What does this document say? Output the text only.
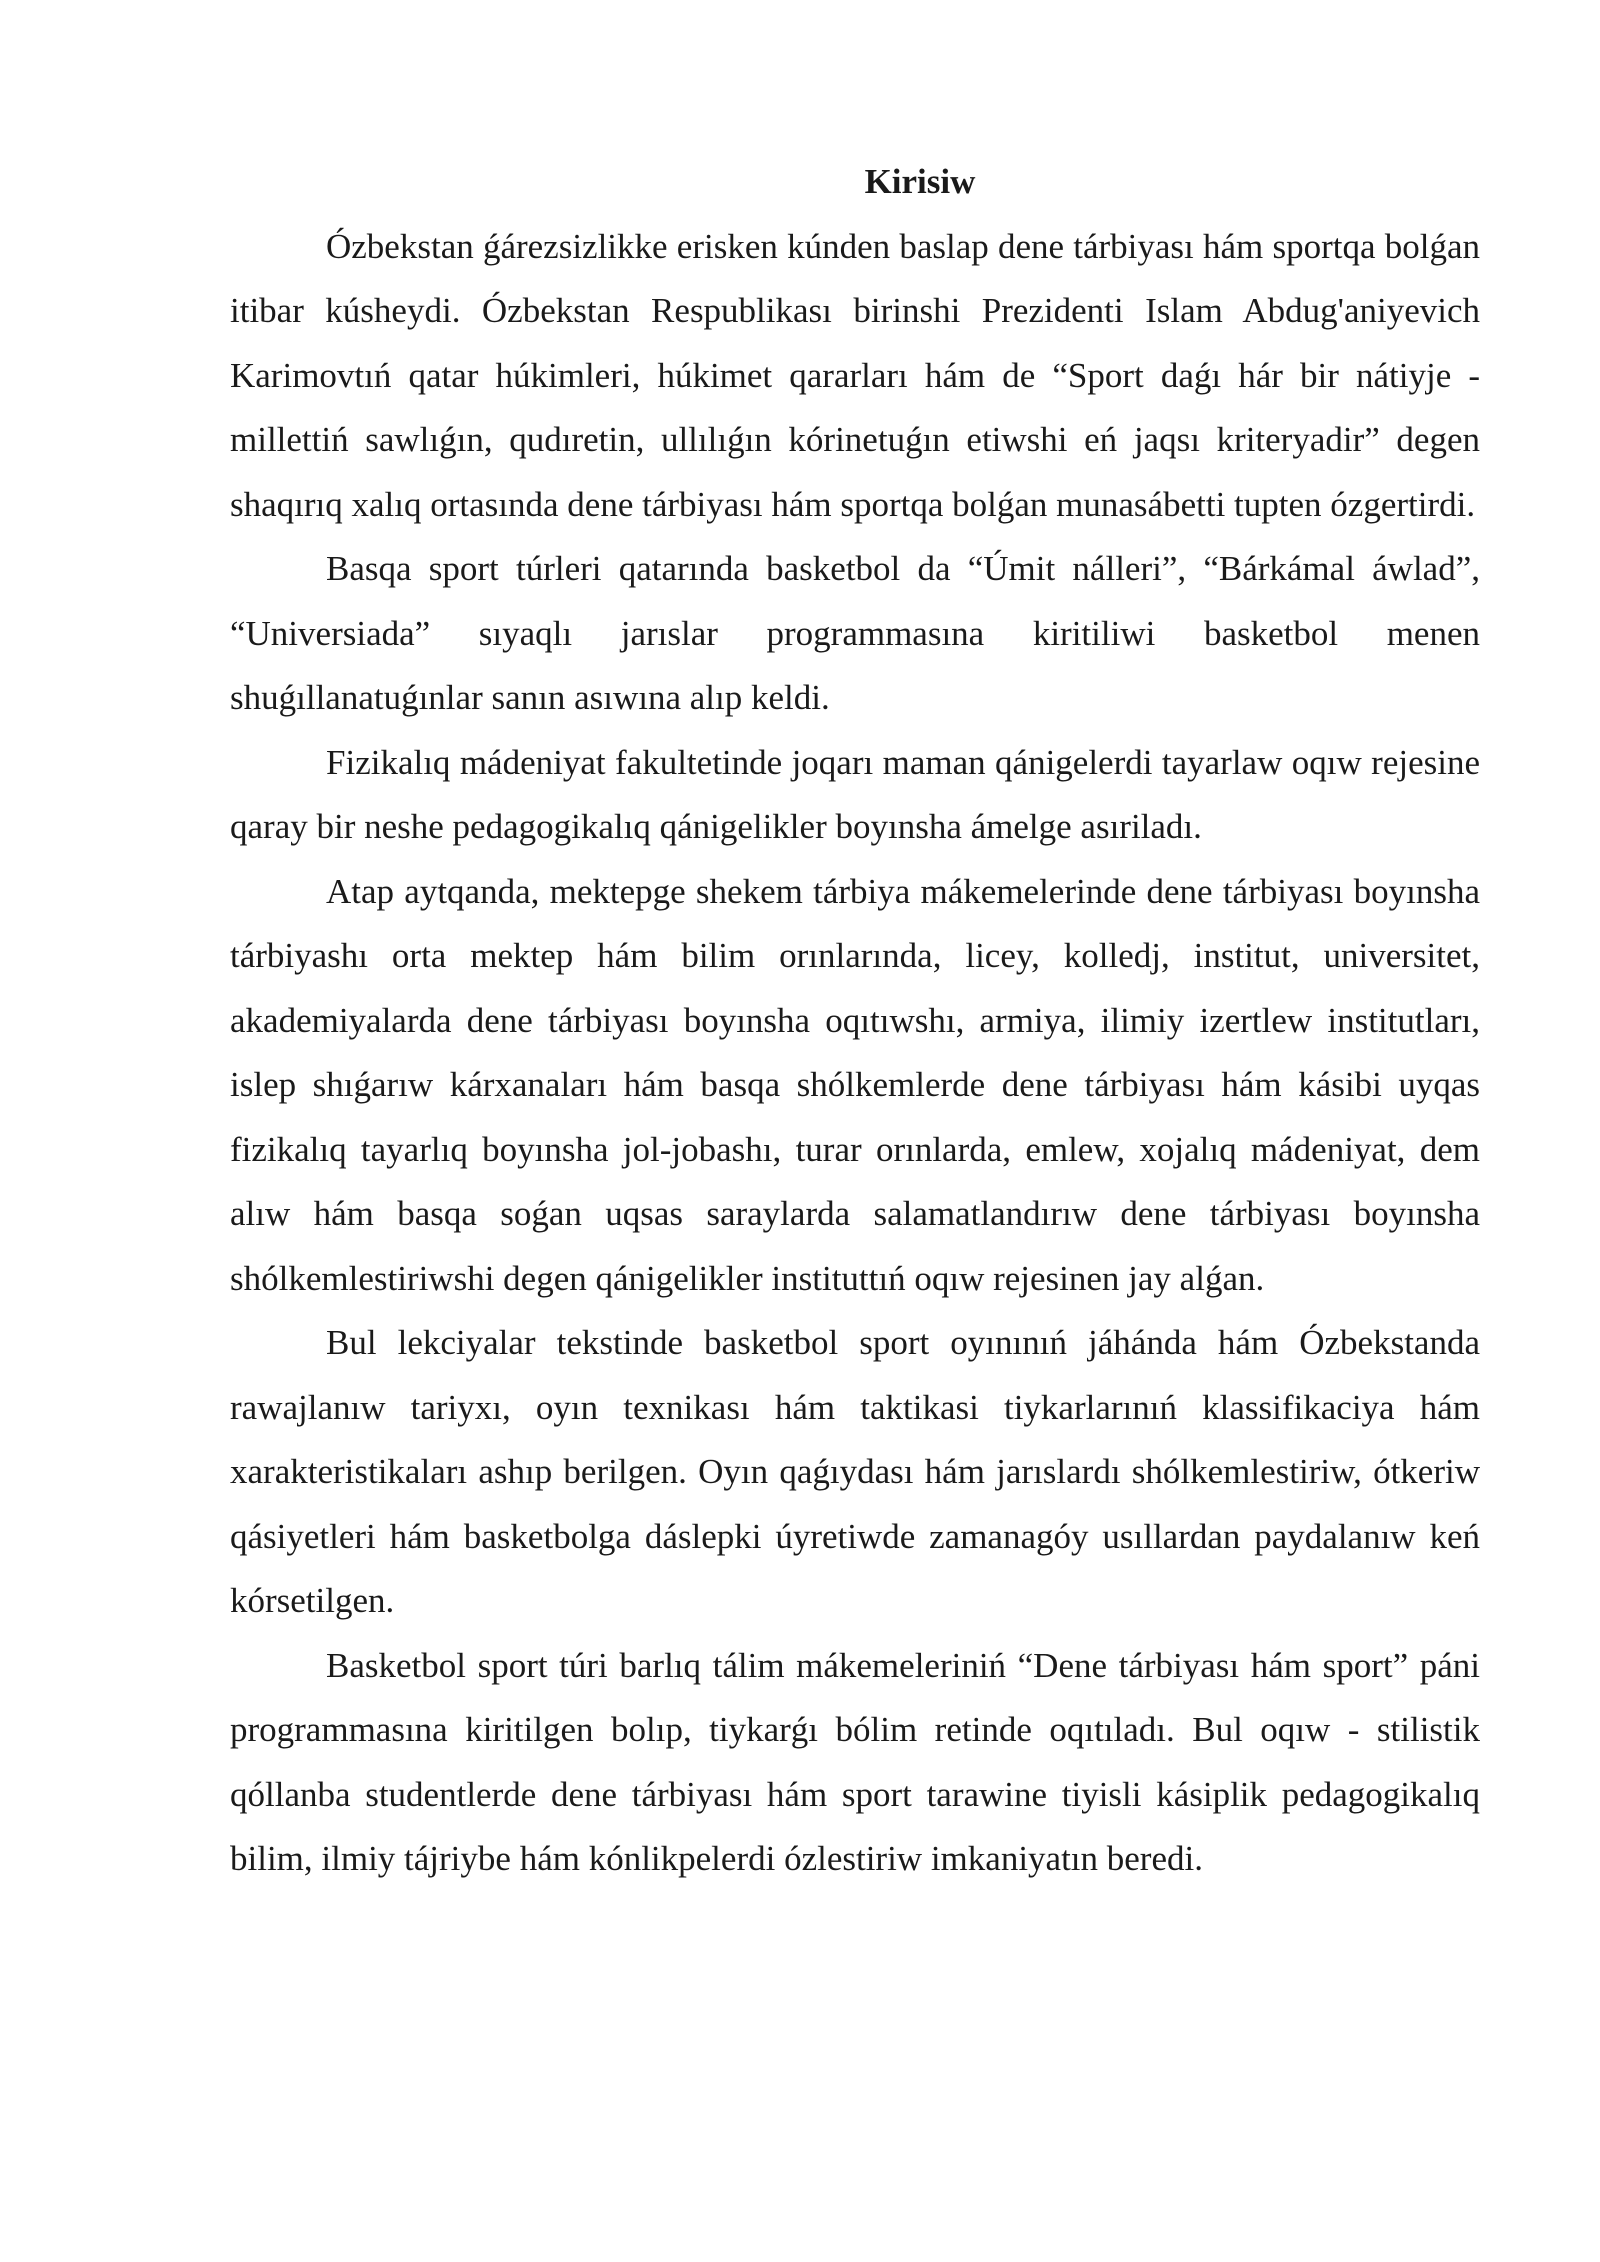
Kirisiw

Ózbekstan ǵárezsizlikke erisken kúnden baslap dene tárbiyası hám sportqa bolǵan itibar kúsheydi. Ózbekstan Respublikası birinshi Prezidenti Islam Abdug'aniyevich Karimovtıń qatar húkimleri, húkimet qararları hám de “Sport daǵı hár bir nátiyje - millettiń sawlıǵın, qudıretin, ullılıǵın kórinetuǵın etiwshi eń jaqsı kriteryadir” degen shaqırıq xalıq ortasında dene tárbiyası hám sportqa bolǵan munasábetti tupten ózgertirdi.

Basqa sport túrleri qatarında basketbol da “Úmit nálleri”, “Bárkámal áwlad”, “Universiada” sıyaqlı jarıslar programmasına kiritiliwi basketbol menen shuǵıllanatuǵınlar sanın asıwına alıp keldi.

Fizikalıq mádeniyat fakultetinde joqarı maman qánigelerdi tayarlaw oqıw rejesine qaray bir neshe pedagogikalıq qánigelikler boyınsha ámelge asıriladı.

Atap aytqanda, mektepge shekem tárbiya mákemelerinde dene tárbiyası boyınsha tárbiyashı orta mektep hám bilim orınlarında, licey, kolledj, institut, universitet, akademiyalarda dene tárbiyası boyınsha oqıtıwshı, armiya, ilimiy izertlew institutları, islep shıǵarıw kárxanaları hám basqa shólkemlerde dene tárbiyası hám kásibi uyqas fizikalıq tayarlıq boyınsha jol-jobashı, turar orınlarda, emlew, xojalıq mádeniyat, dem alıw hám basqa soǵan uqsas saraylarda salamatlandırıw dene tárbiyası boyınsha shólkemlestiriwshi degen qánigelikler instituttıń oqıw rejesinen jay alǵan.

Bul lekciyalar tekstinde basketbol sport oyınınıń jáhánda hám Ózbekstanda rawajlanıw tariyxı, oyın texnikası hám taktikasi tiykarlarınıń klassifikaciya hám xarakteristikaları ashıp berilgen. Oyın qaǵıydası hám jarıslardı shólkemlestiriw, ótkeriw qásiyetleri hám basketbolga dáslepki úyretiwde zamanagóy usıllardan paydalanıw keń kórsetilgen.

Basketbol sport túri barlıq tálim mákemeleriniń “Dene tárbiyası hám sport” páni programmasına kiritilgen bolıp, tiykarǵı bólim retinde oqıtıladı. Bul oqıw - stilistik qóllanba studentlerde dene tárbiyası hám sport tarawine tiyisli kásiplik pedagogikalıq bilim, ilmiy tájriybe hám kónlikpelerdi ózlestiriw imkaniyatın beredi.
